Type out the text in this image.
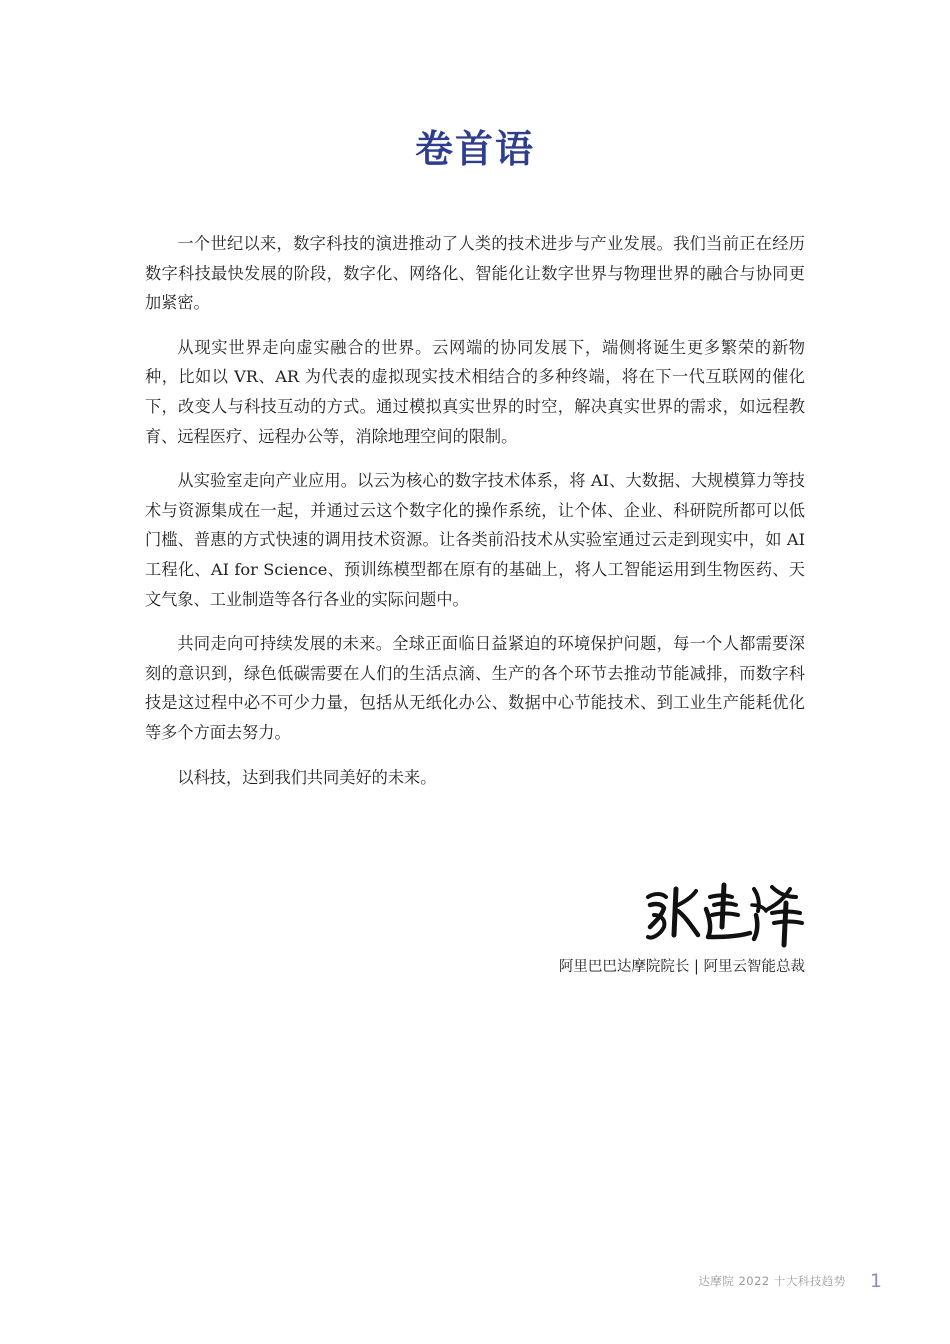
卷首语

一个世纪以来，数字科技的演进推动了人类的技术进步与产业发展。我们当前正在经历数字科技最快发展的阶段，数字化、网络化、智能化让数字世界与物理世界的融合与协同更加紧密。

从现实世界走向虚实融合的世界。云网端的协同发展下，端侧将诞生更多繁荣的新物种，比如以 VR、AR 为代表的虚拟现实技术相结合的多种终端，将在下一代互联网的催化下，改变人与科技互动的方式。通过模拟真实世界的时空，解决真实世界的需求，如远程教育、远程医疗、远程办公等，消除地理空间的限制。

从实验室走向产业应用。以云为核心的数字技术体系，将 AI、大数据、大规模算力等技术与资源集成在一起，并通过云这个数字化的操作系统，让个体、企业、科研院所都可以低门槛、普惠的方式快速的调用技术资源。让各类前沿技术从实验室通过云走到现实中，如 AI 工程化、AI for Science、预训练模型都在原有的基础上，将人工智能运用到生物医药、天文气象、工业制造等各行各业的实际问题中。

共同走向可持续发展的未来。全球正面临日益紧迫的环境保护问题，每一个人都需要深刻的意识到，绿色低碳需要在人们的生活点滴、生产的各个环节去推动节能减排，而数字科技是这过程中必不可少力量，包括从无纸化办公、数据中心节能技术、到工业生产能耗优化等多个方面去努力。

以科技，达到我们共同美好的未来。

张建锋
阿里巴巴达摩院院长 | 阿里云智能总裁
达摩院 2022 十大科技趋势 1
